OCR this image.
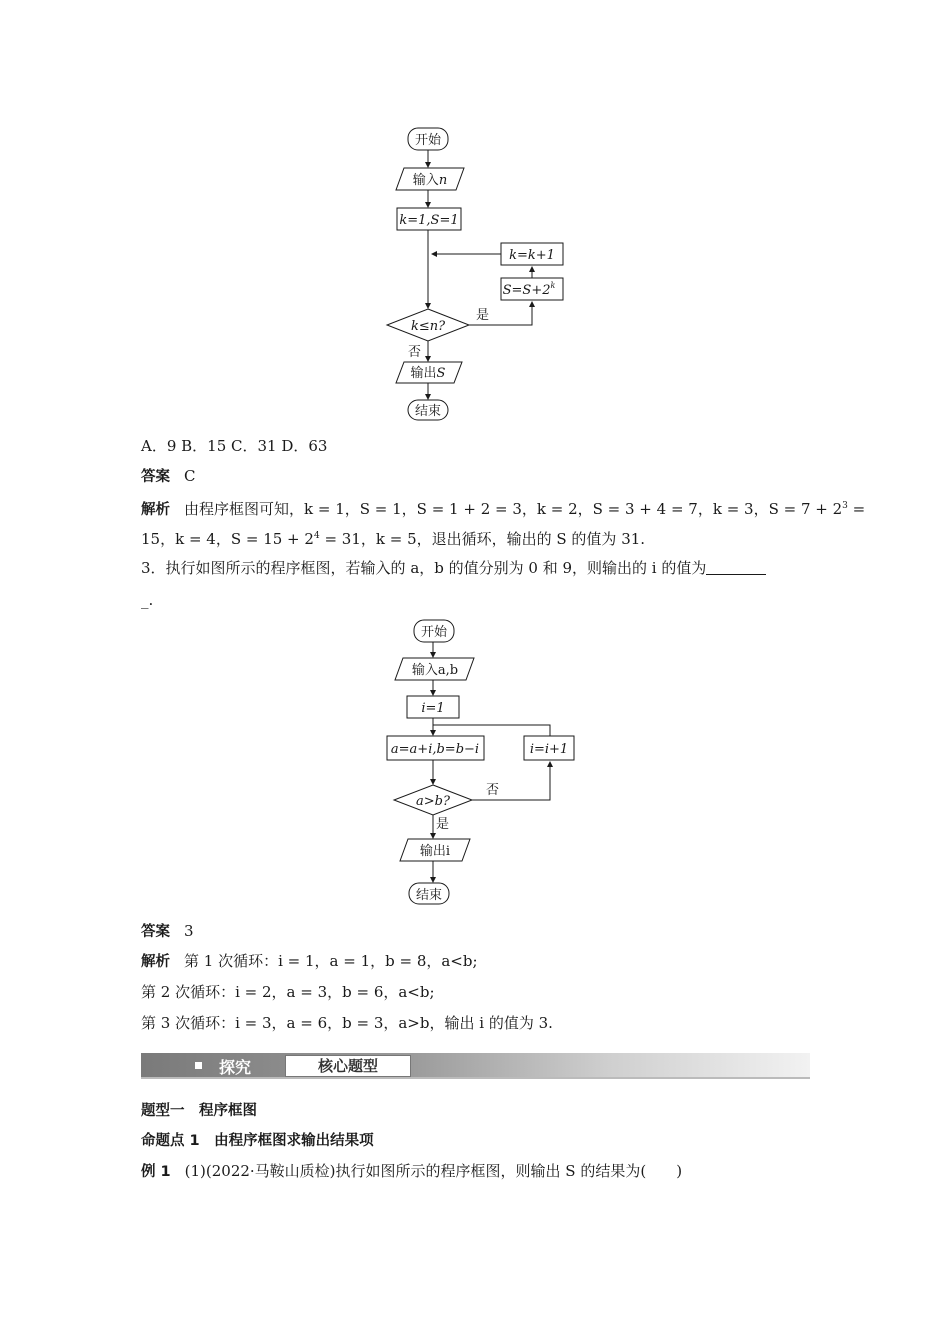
开始
输入n
k=1,S=1
k=k+1
$S=S+2^k$
k≤n?
是
否
输出S
结束
A．9 B．15 C．31 D．63
答案 C
解析 由程序框图可知，k = 1，S = 1，S = 1 + 2 = 3，k = 2，S = 3 + 4 = 7，k = 3，$S = 7 + 2^3$ =
15，k = 4，$S = 15 + 2^4 = 31$，k = 5，退出循环，输出的 S 的值为 31.
3．执行如图所示的程序框图，若输入的 a，b 的值分别为 0 和 9，则输出的 i 的值为
_.
开始
输入a,b
i=1
a=a+i,b=b−i	i=i+1
a>b?
否
是
输出i
结束
答案 3
解析 第 1 次循环：i = 1，a = 1，b = 8，a<b;
第 2 次循环：i = 2，a = 3，b = 6，a<b;
第 3 次循环：i = 3，a = 6，b = 3，a>b，输出 i 的值为 3.
探究	核心题型
题型一　程序框图
命题点 1　由程序框图求输出结果项
例 1 (1)(2022·马鞍山质检)执行如图所示的程序框图，则输出 S 的结果为(　　)
